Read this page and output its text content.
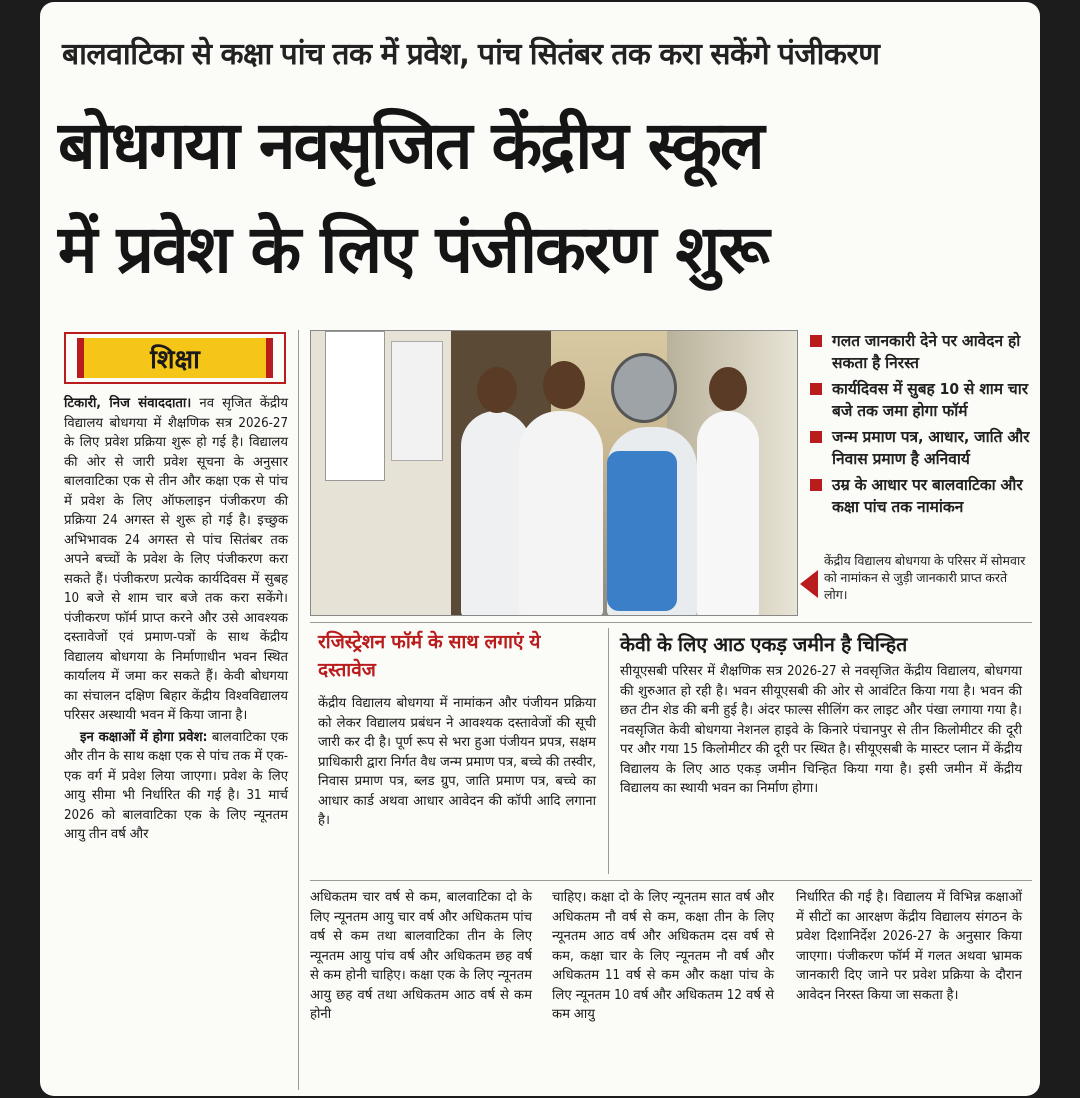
बालवाटिका से कक्षा पांच तक में प्रवेश, पांच सितंबर तक करा सकेंगे पंजीकरण
बोधगया नवसृजित केंद्रीय स्कूल
में प्रवेश के लिए पंजीकरण शुरू
शिक्षा

टिकारी, निज संवाददाता। नव सृजित केंद्रीय विद्यालय बोधगया में शैक्षणिक सत्र 2026-27 के लिए प्रवेश प्रक्रिया शुरू हो गई है। विद्यालय की ओर से जारी प्रवेश सूचना के अनुसार बालवाटिका एक से तीन और कक्षा एक से पांच में प्रवेश के लिए ऑफलाइन पंजीकरण की प्रक्रिया 24 अगस्त से शुरू हो गई है। इच्छुक अभिभावक 24 अगस्त से पांच सितंबर तक अपने बच्चों के प्रवेश के लिए पंजीकरण करा सकते हैं। पंजीकरण प्रत्येक कार्यदिवस में सुबह 10 बजे से शाम चार बजे तक करा सकेंगे। पंजीकरण फॉर्म प्राप्त करने और उसे आवश्यक दस्तावेजों एवं प्रमाण-पत्रों के साथ केंद्रीय विद्यालय बोधगया के निर्माणाधीन भवन स्थित कार्यालय में जमा कर सकते हैं। केवी बोधगया का संचालन दक्षिण बिहार केंद्रीय विश्वविद्यालय परिसर अस्थायी भवन में किया जाना है।

इन कक्षाओं में होगा प्रवेश: बालवाटिका एक और तीन के साथ कक्षा एक से पांच तक में एक-एक वर्ग में प्रवेश लिया जाएगा। प्रवेश के लिए आयु सीमा भी निर्धारित की गई है। 31 मार्च 2026 को बालवाटिका एक के लिए न्यूनतम आयु तीन वर्ष और

गलत जानकारी देने पर आवेदन हो सकता है निरस्त
कार्यदिवस में सुबह 10 से शाम चार बजे तक जमा होगा फॉर्म
जन्म प्रमाण पत्र, आधार, जाति और निवास प्रमाण है अनिवार्य
उम्र के आधार पर बालवाटिका और कक्षा पांच तक नामांकन
केंद्रीय विद्यालय बोधगया के परिसर में सोमवार को नामांकन से जुड़ी जानकारी प्राप्त करते लोग।
रजिस्ट्रेशन फॉर्म के साथ लगाएं ये दस्तावेज
केंद्रीय विद्यालय बोधगया में नामांकन और पंजीयन प्रक्रिया को लेकर विद्यालय प्रबंधन ने आवश्यक दस्तावेजों की सूची जारी कर दी है। पूर्ण रूप से भरा हुआ पंजीयन प्रपत्र, सक्षम प्राधिकारी द्वारा निर्गत वैध जन्म प्रमाण पत्र, बच्चे की तस्वीर, निवास प्रमाण पत्र, ब्लड ग्रुप, जाति प्रमाण पत्र, बच्चे का आधार कार्ड अथवा आधार आवेदन की कॉपी आदि लगाना है।
केवी के लिए आठ एकड़ जमीन है चिन्हित
सीयूएसबी परिसर में शैक्षणिक सत्र 2026-27 से नवसृजित केंद्रीय विद्यालय, बोधगया की शुरुआत हो रही है। भवन सीयूएसबी की ओर से आवंटित किया गया है। भवन की छत टीन शेड की बनी हुई है। अंदर फाल्स सीलिंग कर लाइट और पंखा लगाया गया है। नवसृजित केवी बोधगया नेशनल हाइवे के किनारे पंचानपुर से तीन किलोमीटर की दूरी पर और गया 15 किलोमीटर की दूरी पर स्थित है। सीयूएसबी के मास्टर प्लान में केंद्रीय विद्यालय के लिए आठ एकड़ जमीन चिन्हित किया गया है। इसी जमीन में केंद्रीय विद्यालय का स्थायी भवन का निर्माण होगा।
अधिकतम चार वर्ष से कम, बालवाटिका दो के लिए न्यूनतम आयु चार वर्ष और अधिकतम पांच वर्ष से कम तथा बालवाटिका तीन के लिए न्यूनतम आयु पांच वर्ष और अधिकतम छह वर्ष से कम होनी चाहिए। कक्षा एक के लिए न्यूनतम आयु छह वर्ष तथा अधिकतम आठ वर्ष से कम होनी
चाहिए। कक्षा दो के लिए न्यूनतम सात वर्ष और अधिकतम नौ वर्ष से कम, कक्षा तीन के लिए न्यूनतम आठ वर्ष और अधिकतम दस वर्ष से कम, कक्षा चार के लिए न्यूनतम नौ वर्ष और अधिकतम 11 वर्ष से कम और कक्षा पांच के लिए न्यूनतम 10 वर्ष और अधिकतम 12 वर्ष से कम आयु
निर्धारित की गई है। विद्यालय में विभिन्न कक्षाओं में सीटों का आरक्षण केंद्रीय विद्यालय संगठन के प्रवेश दिशानिर्देश 2026-27 के अनुसार किया जाएगा। पंजीकरण फॉर्म में गलत अथवा भ्रामक जानकारी दिए जाने पर प्रवेश प्रक्रिया के दौरान आवेदन निरस्त किया जा सकता है।
